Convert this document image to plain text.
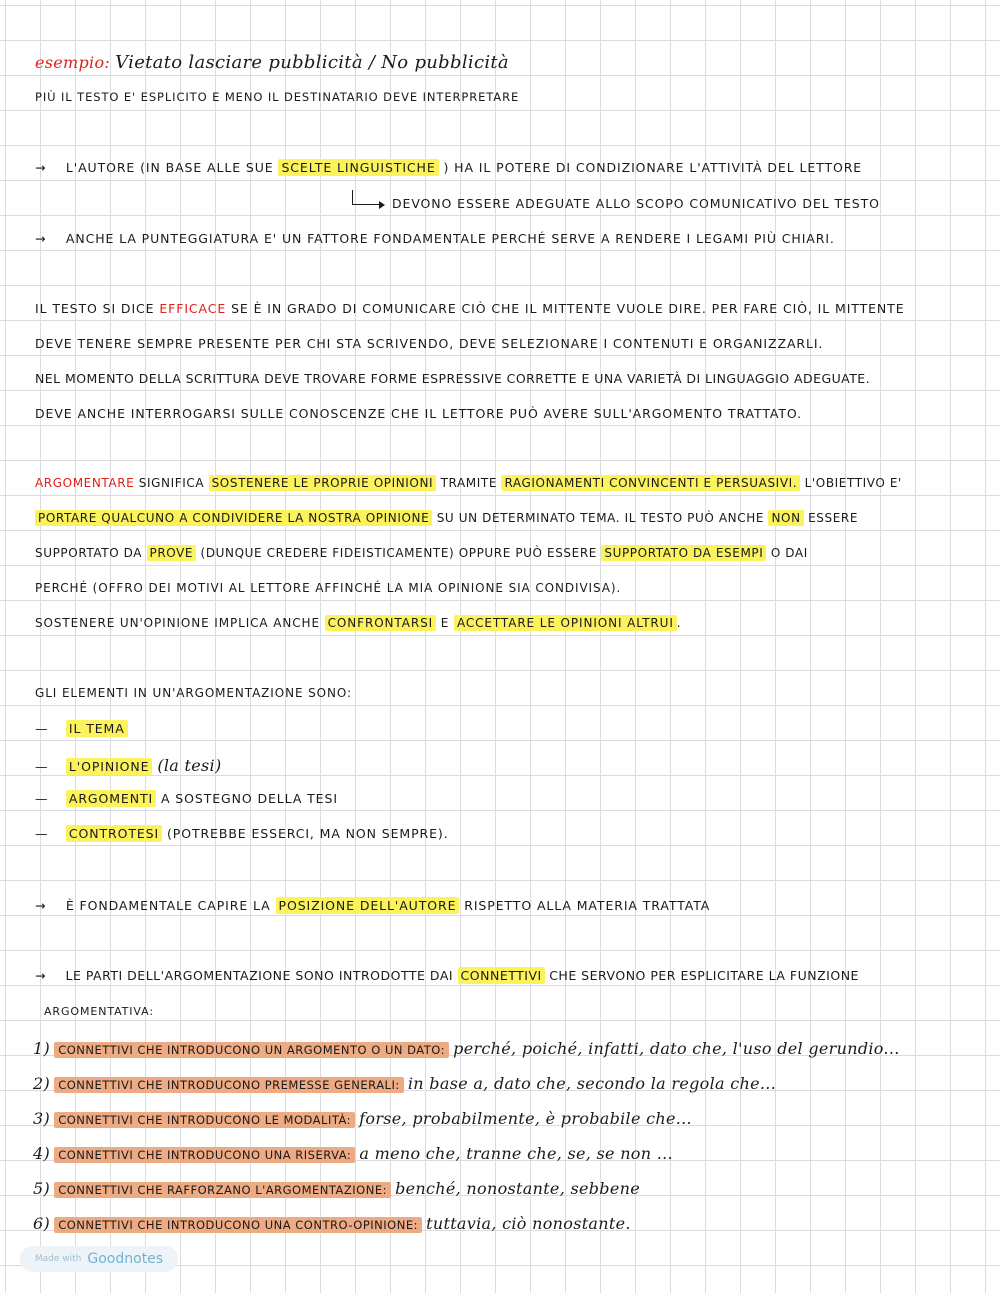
esempio: Vietato lasciare pubblicità / No pubblicità
PIÙ IL TESTO E' ESPLICITO E MENO IL DESTINATARIO DEVE INTERPRETARE
→ L'AUTORE (IN BASE ALLE SUE SCELTE LINGUISTICHE ) HA IL POTERE DI CONDIZIONARE L'ATTIVITÀ DEL LETTORE
DEVONO ESSERE ADEGUATE ALLO SCOPO COMUNICATIVO DEL TESTO
→ ANCHE LA PUNTEGGIATURA E' UN FATTORE FONDAMENTALE PERCHÉ SERVE A RENDERE I LEGAMI PIÙ CHIARI.
IL TESTO SI DICE EFFICACE SE È IN GRADO DI COMUNICARE CIÒ CHE IL MITTENTE VUOLE DIRE. PER FARE CIÒ, IL MITTENTE
DEVE TENERE SEMPRE PRESENTE PER CHI STA SCRIVENDO, DEVE SELEZIONARE I CONTENUTI E ORGANIZZARLI.
NEL MOMENTO DELLA SCRITTURA DEVE TROVARE FORME ESPRESSIVE CORRETTE E UNA VARIETÀ DI LINGUAGGIO ADEGUATE.
DEVE ANCHE INTERROGARSI SULLE CONOSCENZE CHE IL LETTORE PUÒ AVERE SULL'ARGOMENTO TRATTATO.
ARGOMENTARE SIGNIFICA SOSTENERE LE PROPRIE OPINIONI TRAMITE RAGIONAMENTI CONVINCENTI E PERSUASIVI. L'OBIETTIVO E'
PORTARE QUALCUNO A CONDIVIDERE LA NOSTRA OPINIONE SU UN DETERMINATO TEMA. IL TESTO PUÒ ANCHE NON ESSERE
SUPPORTATO DA PROVE (DUNQUE CREDERE FIDEISTICAMENTE) OPPURE PUÒ ESSERE SUPPORTATO DA ESEMPI O DAI
PERCHÉ (OFFRO DEI MOTIVI AL LETTORE AFFINCHÉ LA MIA OPINIONE SIA CONDIVISA).
SOSTENERE UN'OPINIONE IMPLICA ANCHE CONFRONTARSI E ACCETTARE LE OPINIONI ALTRUI .
GLI ELEMENTI IN UN'ARGOMENTAZIONE SONO:
— IL TEMA
— L'OPINIONE (la tesi)
— ARGOMENTI A SOSTEGNO DELLA TESI
— CONTROTESI (POTREBBE ESSERCI, MA NON SEMPRE).
→ È FONDAMENTALE CAPIRE LA POSIZIONE DELL'AUTORE RISPETTO ALLA MATERIA TRATTATA
→ LE PARTI DELL'ARGOMENTAZIONE SONO INTRODOTTE DAI CONNETTIVI CHE SERVONO PER ESPLICITARE LA FUNZIONE
ARGOMENTATIVA:
1) CONNETTIVI CHE INTRODUCONO UN ARGOMENTO O UN DATO: perché, poiché, infatti, dato che, l'uso del gerundio...
2) CONNETTIVI CHE INTRODUCONO PREMESSE GENERALI: in base a, dato che, secondo la regola che...
3) CONNETTIVI CHE INTRODUCONO LE MODALITÀ: forse, probabilmente, è probabile che...
4) CONNETTIVI CHE INTRODUCONO UNA RISERVA: a meno che, tranne che, se, se non ...
5) CONNETTIVI CHE RAFFORZANO L'ARGOMENTAZIONE: benché, nonostante, sebbene
6) CONNETTIVI CHE INTRODUCONO UNA CONTRO-OPINIONE: tuttavia, ciò nonostante.
Made with Goodnotes
